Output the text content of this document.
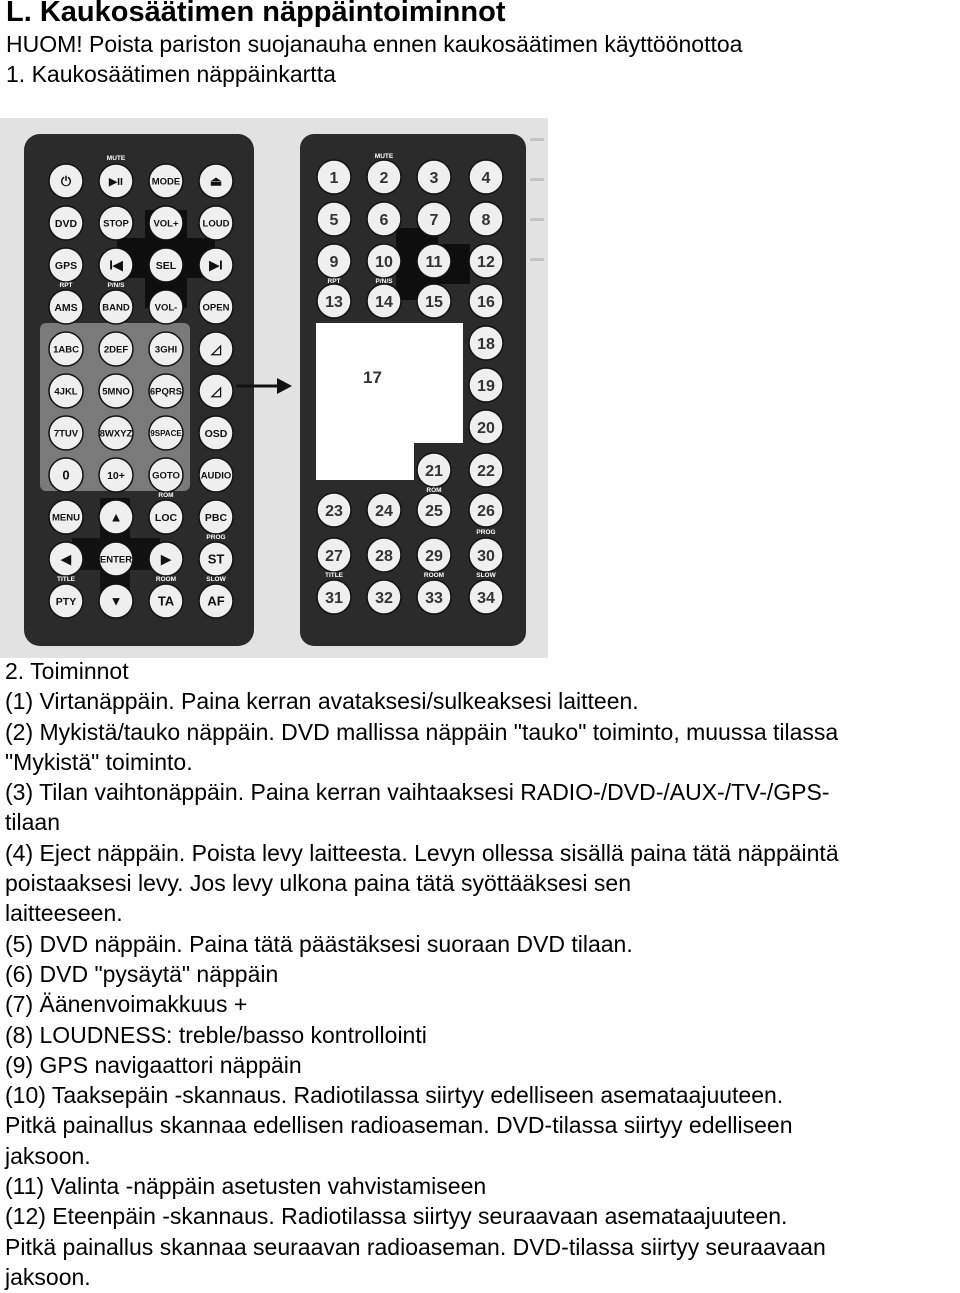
L. Kaukosäätimen näppäintoiminnot
HUOM! Poista pariston suojanauha ennen kaukosäätimen käyttöönottoa
1. Kaukosäätimen näppäinkartta
17
⏻	▶II	MODE ⏏
DVD	STOP	VOL+	LOUD
GPS I◀	SEL	▶I
AMS	BAND	VOL-	OPEN
1ABC	2DEF	3GHI	◿
4JKL	5MNO 6PQRS ◿
7TUV 8WXYZ 9SPACE OSD
0	10+	GOTO AUDIO
MENU ▲	LOC	PBC
◀	ENTER ▶	ST
PTY	▼	TA	AF
1	2	3	4
5	6	7	8
9 10 11 12
13 14 15 16
18
19
20
21 22
23 24 25 26
27 28 29 30
31 32 33 34
MUTE
RPT	P/N/S
ROM
PROG
TITLE	ROOM	SLOW
MUTE
RPT	P/N/S
ROM
PROG
TITLE	ROOM	SLOW
2. Toiminnot
(1) Virtanäppäin. Paina kerran avataksesi/sulkeaksesi laitteen.
(2) Mykistä/tauko näppäin. DVD mallissa näppäin "tauko" toiminto, muussa tilassa
"Mykistä" toiminto.
(3) Tilan vaihtonäppäin. Paina kerran vaihtaaksesi RADIO-/DVD-/AUX-/TV-/GPS-
tilaan
(4) Eject näppäin. Poista levy laitteesta. Levyn ollessa sisällä paina tätä näppäintä
poistaaksesi levy. Jos levy ulkona paina tätä syöttääksesi sen
laitteeseen.
(5) DVD näppäin. Paina tätä päästäksesi suoraan DVD tilaan.
(6) DVD "pysäytä" näppäin
(7) Äänenvoimakkuus +
(8) LOUDNESS: treble/basso kontrollointi
(9) GPS navigaattori näppäin
(10) Taaksepäin -skannaus. Radiotilassa siirtyy edelliseen asemataajuuteen.
Pitkä painallus skannaa edellisen radioaseman. DVD-tilassa siirtyy edelliseen
jaksoon.
(11) Valinta -näppäin asetusten vahvistamiseen
(12) Eteenpäin -skannaus. Radiotilassa siirtyy seuraavaan asemataajuuteen.
Pitkä painallus skannaa seuraavan radioaseman. DVD-tilassa siirtyy seuraavaan
jaksoon.
